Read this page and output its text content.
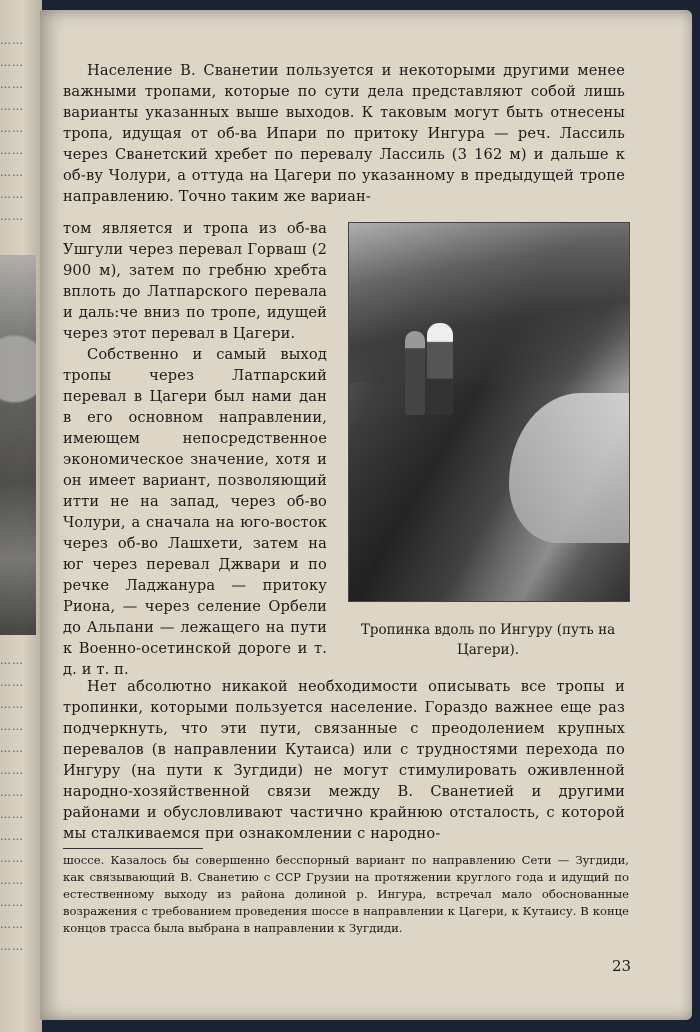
……
……
……
……
……
……
……
……
……
……
……
……
……
……
……
……
……
……
……
……
……
……
……

Население В. Сванетии пользуется и некоторыми другими менее важными тропами, которые по сути дела представляют собой лишь варианты указанных выше выходов. К таковым могут быть отнесены тропа, идущая от об-ва Ипари по притоку Ингура — реч. Лассиль через Сванетский хребет по перевалу Лассиль (3 162 м) и дальше к об-ву Чолури, а оттуда на Цагери по указанному в предыдущей тропе направлению. Точно таким же вариан-

том является и тропа из об-ва Ушгули через перевал Горваш (2 900 м), затем по гребню хребта вплоть до Латпарского перевала и даль:че вниз по тропе, идущей через этот перевал в Цагери.

Собственно и самый выход тропы через Латпарский перевал в Цагери был нами дан в его основном направлении, имеющем непосредственное экономическое значение, хотя и он имеет вариант, позволяющий итти не на запад, через об-во Чолури, а сначала на юго-восток через об-во Лашхети, затем на юг через перевал Джвари и по речке Ладжанура — притоку Риона, — через селение Орбели до Альпани — лежащего на пути к Военно-осетинской дороге и т. д. и т. п.

Тропинка вдоль по Ингуру (путь на Цагери).

Нет абсолютно никакой необходимости описывать все тропы и тропинки, которыми пользуется население. Гораздо важнее еще раз подчеркнуть, что эти пути, связанные с преодолением крупных перевалов (в направлении Кутаиса) или с трудностями перехода по Ингуру (на пути к Зугдиди) не могут стимулировать оживленной народно-хозяйственной связи между В. Сванетией и другими районами и обусловливают частично крайнюю отсталость, с которой мы сталкиваемся при ознакомлении с народно-

шоссе. Казалось бы совершенно бесспорный вариант по направлению Сети — Зугдиди, как связывающий В. Сванетию с ССР Грузии на протяжении круглого года и идущий по естественному выходу из района долиной р. Ингура, встречал мало обоснованные возражения с требованием проведения шоссе в направлении к Цагери, к Кутаису. В конце концов трасса была выбрана в направлении к Зугдиди.

23
